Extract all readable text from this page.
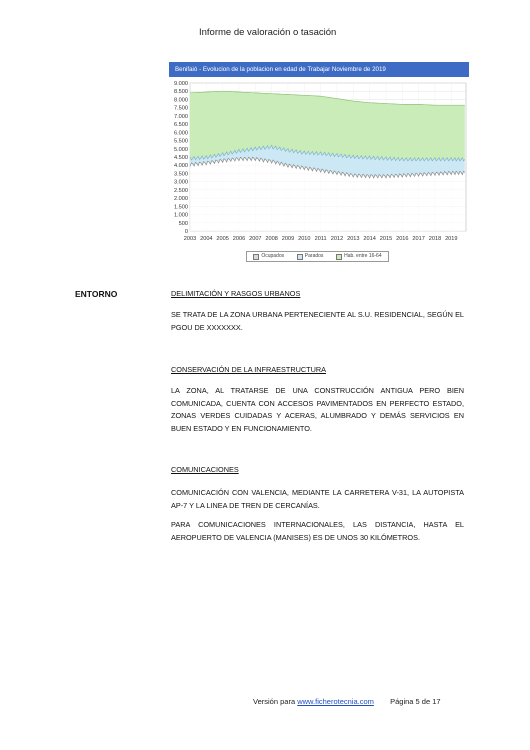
Informe de valoración o tasación
Benifaió - Evolucion de la poblacion en edad de Trabajar Noviembre de 2019
0
500
1.000
1.500
2.000
2.500
3.000
3.500
4.000
4.500
5.000
5.500
6.000
6.500
7.000
7.500
8.000
8.500
9.000
2003 2004 2005 2006 2007 2008 2009 2010 2011 2012 2013 2014 2015 2016 2017 2018 2019
Ocupados	Parados	Hab. entre 16-64
ENTORNO	DELIMITACIÓN Y RASGOS URBANOS
SE TRATA DE LA ZONA URBANA PERTENECIENTE AL S.U. RESIDENCIAL, SEGÚN EL PGOU DE XXXXXXX.
CONSERVACIÓN DE LA INFRAESTRUCTURA
LA ZONA, AL TRATARSE DE UNA CONSTRUCCIÓN ANTIGUA PERO BIEN COMUNICADA, CUENTA CON ACCESOS PAVIMENTADOS EN PERFECTO ESTADO, ZONAS VERDES CUIDADAS Y ACERAS, ALUMBRADO Y DEMÁS SERVICIOS EN BUEN ESTADO Y EN FUNCIONAMIENTO.
COMUNICACIONES
COMUNICACIÓN CON VALENCIA, MEDIANTE LA CARRETERA V-31, LA AUTOPISTA AP-7 Y LA LINEA DE TREN DE CERCANÍAS.
PARA COMUNICACIONES INTERNACIONALES, LAS DISTANCIA, HASTA EL AEROPUERTO DE VALENCIA (MANISES) ES DE UNOS 30 KILÓMETROS.
Versión para www.ficherotecnia.com Página 5 de 17
